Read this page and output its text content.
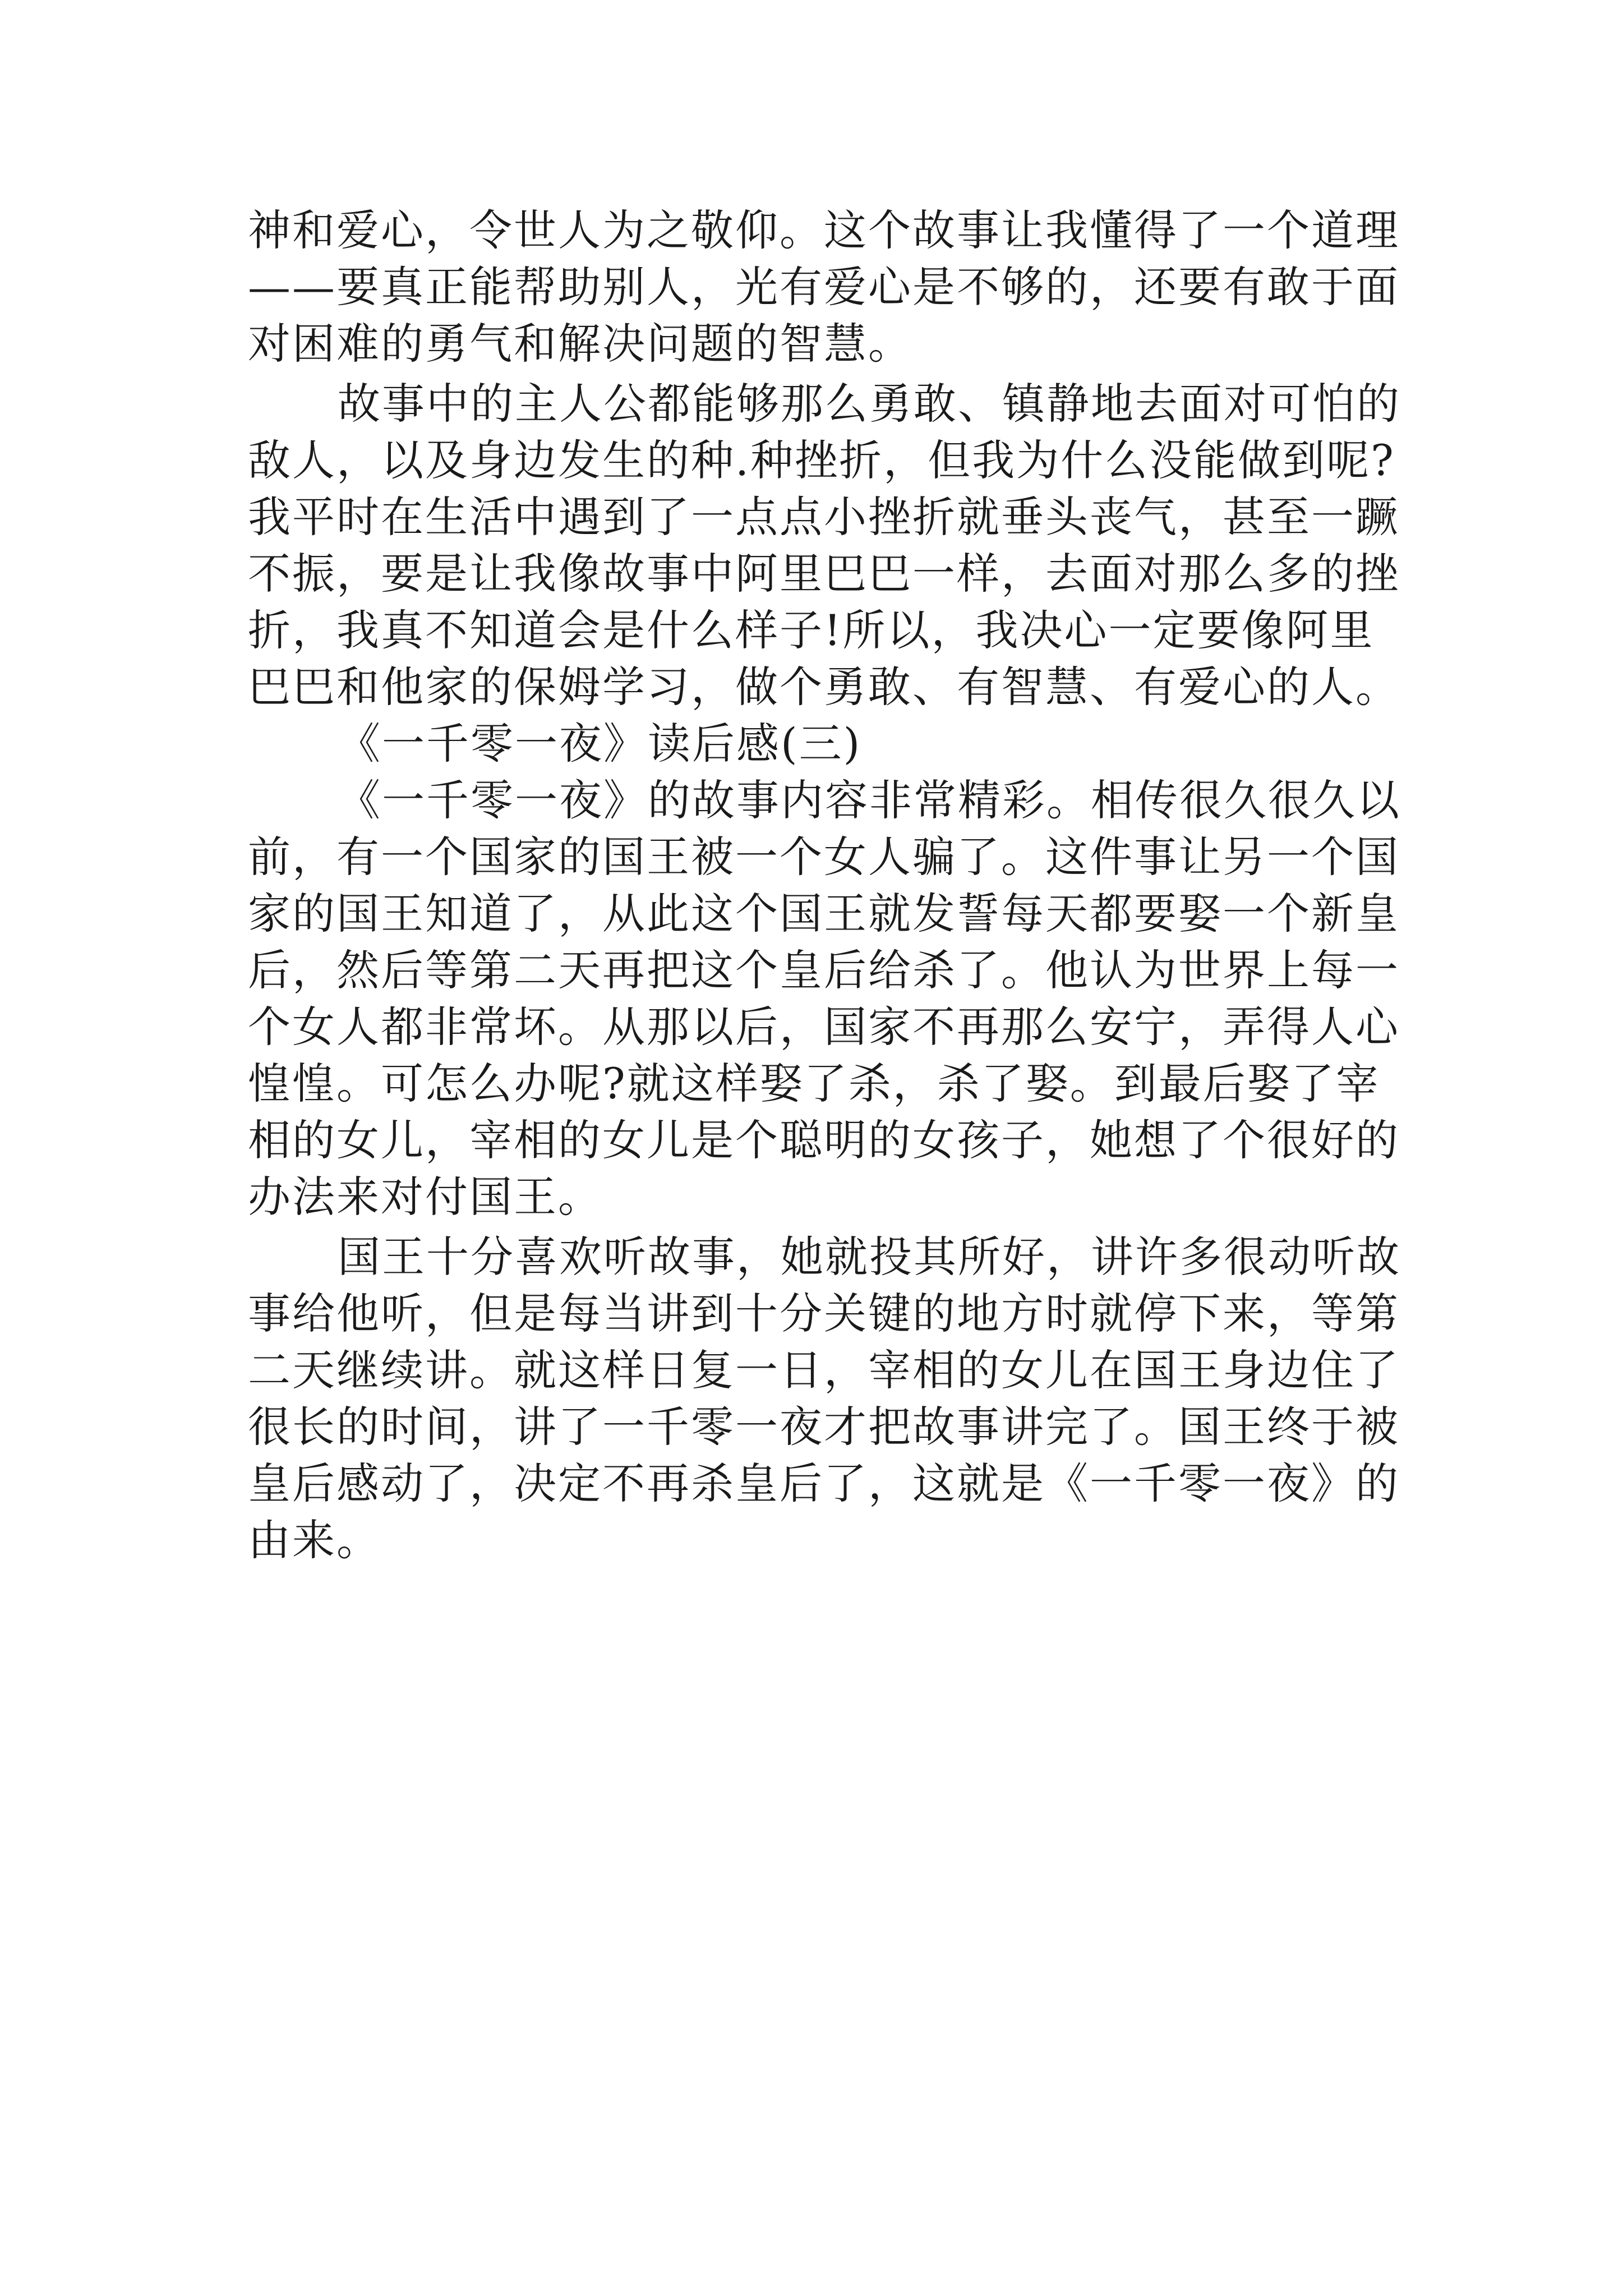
神和爱心，令世人为之敬仰。这个故事让我懂得了一个道理
——要真正能帮助别人，光有爱心是不够的，还要有敢于面
对困难的勇气和解决问题的智慧。
故事中的主人公都能够那么勇敢、镇静地去面对可怕的
敌人，以及身边发生的种.种挫折，但我为什么没能做到呢?
我平时在生活中遇到了一点点小挫折就垂头丧气，甚至一蹶
不振，要是让我像故事中阿里巴巴一样，去面对那么多的挫
折，我真不知道会是什么样子!所以，我决心一定要像阿里
巴巴和他家的保姆学习，做个勇敢、有智慧、有爱心的人。
《一千零一夜》读后感(三)
《一千零一夜》的故事内容非常精彩。相传很久很久以
前，有一个国家的国王被一个女人骗了。这件事让另一个国
家的国王知道了，从此这个国王就发誓每天都要娶一个新皇
后，然后等第二天再把这个皇后给杀了。他认为世界上每一
个女人都非常坏。从那以后，国家不再那么安宁，弄得人心
惶惶。可怎么办呢?就这样娶了杀，杀了娶。到最后娶了宰
相的女儿，宰相的女儿是个聪明的女孩子，她想了个很好的
办法来对付国王。
国王十分喜欢听故事，她就投其所好，讲许多很动听故
事给他听，但是每当讲到十分关键的地方时就停下来，等第
二天继续讲。就这样日复一日，宰相的女儿在国王身边住了
很长的时间，讲了一千零一夜才把故事讲完了。国王终于被
皇后感动了，决定不再杀皇后了，这就是《一千零一夜》的
由来。
